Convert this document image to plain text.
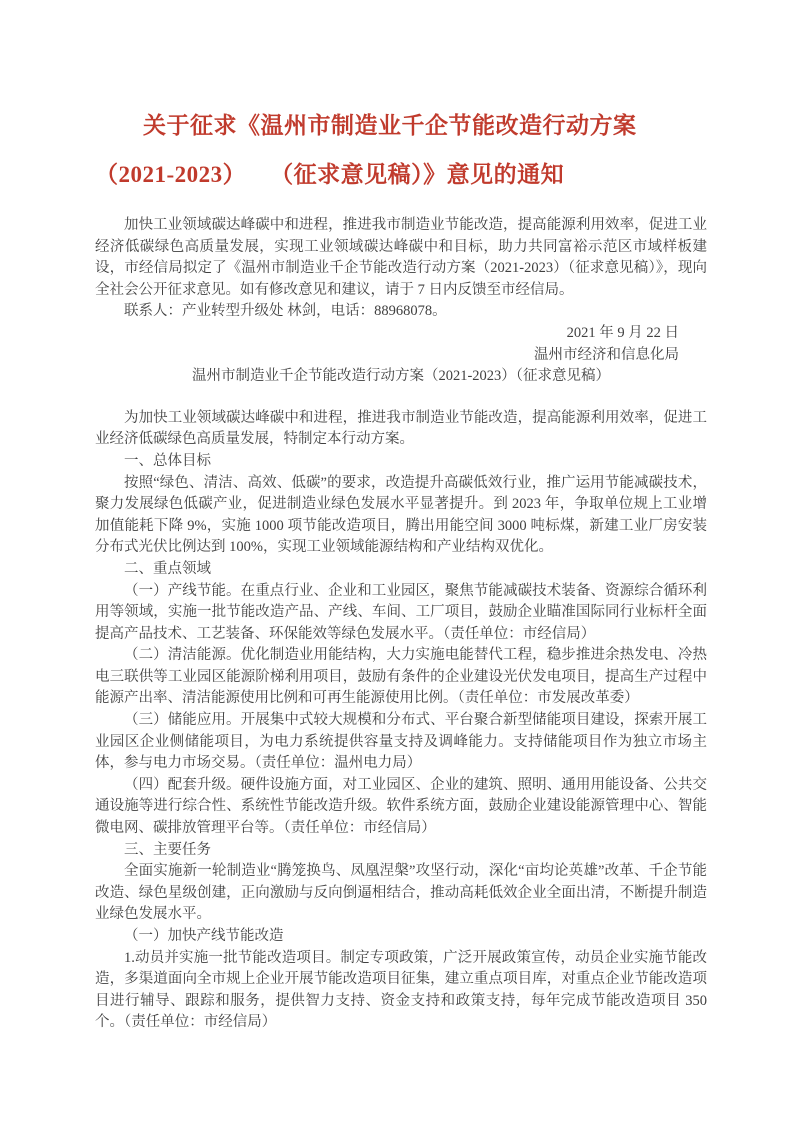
关于征求《温州市制造业千企节能改造行动方案
（2021-2023）　　（征求意见稿）》意见的通知

加快工业领域碳达峰碳中和进程，推进我市制造业节能改造，提高能源利用效率，促进工业经济低碳绿色高质量发展，实现工业领域碳达峰碳中和目标，助力共同富裕示范区市域样板建设，市经信局拟定了《温州市制造业千企节能改造行动方案（2021-2023）（征求意见稿）》，现向全社会公开征求意见。如有修改意见和建议，请于 7 日内反馈至市经信局。

联系人：产业转型升级处 林剑，电话：88968078。

2021 年 9 月 22 日

温州市经济和信息化局

温州市制造业千企节能改造行动方案（2021-2023）（征求意见稿）

为加快工业领域碳达峰碳中和进程，推进我市制造业节能改造，提高能源利用效率，促进工业经济低碳绿色高质量发展，特制定本行动方案。

一、总体目标

按照“绿色、清洁、高效、低碳”的要求，改造提升高碳低效行业，推广运用节能减碳技术，聚力发展绿色低碳产业，促进制造业绿色发展水平显著提升。到 2023 年，争取单位规上工业增加值能耗下降 9%，实施 1000 项节能改造项目，腾出用能空间 3000 吨标煤，新建工业厂房安装分布式光伏比例达到 100%，实现工业领域能源结构和产业结构双优化。

二、重点领域

（一）产线节能。在重点行业、企业和工业园区，聚焦节能减碳技术装备、资源综合循环利用等领域，实施一批节能改造产品、产线、车间、工厂项目，鼓励企业瞄准国际同行业标杆全面提高产品技术、工艺装备、环保能效等绿色发展水平。（责任单位：市经信局）

（二）清洁能源。优化制造业用能结构，大力实施电能替代工程，稳步推进余热发电、冷热电三联供等工业园区能源阶梯利用项目，鼓励有条件的企业建设光伏发电项目，提高生产过程中能源产出率、清洁能源使用比例和可再生能源使用比例。（责任单位：市发展改革委）

（三）储能应用。开展集中式较大规模和分布式、平台聚合新型储能项目建设，探索开展工业园区企业侧储能项目，为电力系统提供容量支持及调峰能力。支持储能项目作为独立市场主体，参与电力市场交易。（责任单位：温州电力局）

（四）配套升级。硬件设施方面，对工业园区、企业的建筑、照明、通用用能设备、公共交通设施等进行综合性、系统性节能改造升级。软件系统方面，鼓励企业建设能源管理中心、智能微电网、碳排放管理平台等。（责任单位：市经信局）

三、主要任务

全面实施新一轮制造业“腾笼换鸟、凤凰涅槃”攻坚行动，深化“亩均论英雄”改革、千企节能改造、绿色星级创建，正向激励与反向倒逼相结合，推动高耗低效企业全面出清，不断提升制造业绿色发展水平。

（一）加快产线节能改造

1.动员并实施一批节能改造项目。制定专项政策，广泛开展政策宣传，动员企业实施节能改造，多渠道面向全市规上企业开展节能改造项目征集，建立重点项目库，对重点企业节能改造项目进行辅导、跟踪和服务，提供智力支持、资金支持和政策支持，每年完成节能改造项目 350 个。（责任单位：市经信局）
